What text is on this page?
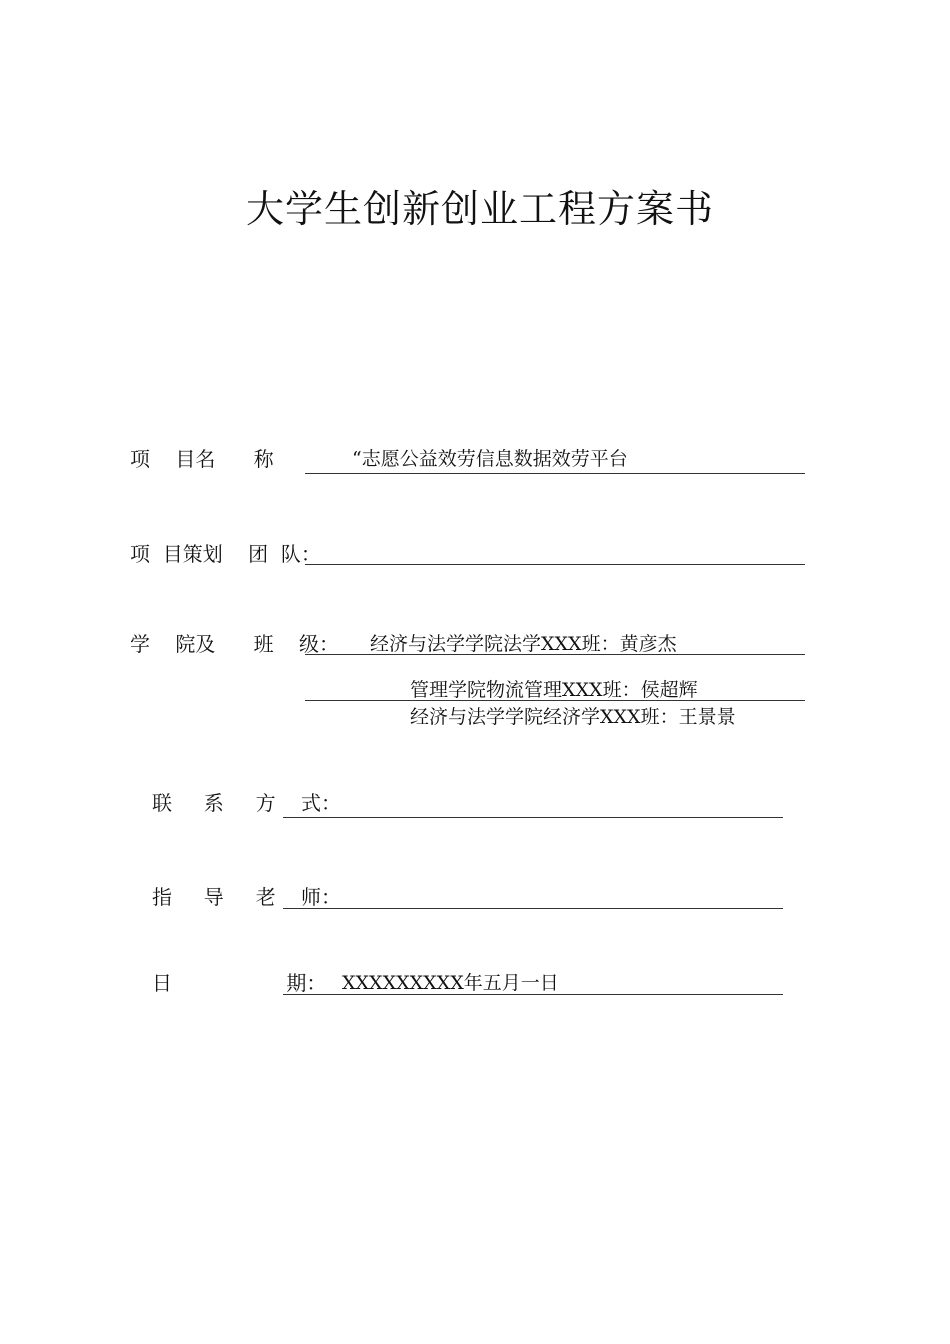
大学生创新创业工程方案书
项    目名      称	“志愿公益效劳信息数据效劳平台
项  目策划    团  队：
学    院及      班    级： 经济与法学学院法学XXX班：黄彦杰
管理学院物流管理XXX班：侯超辉
经济与法学学院经济学XXX班：王景景
联     系     方    式：
指     导     老    师：
日                  期： XXXXXXXXX年五月一日
